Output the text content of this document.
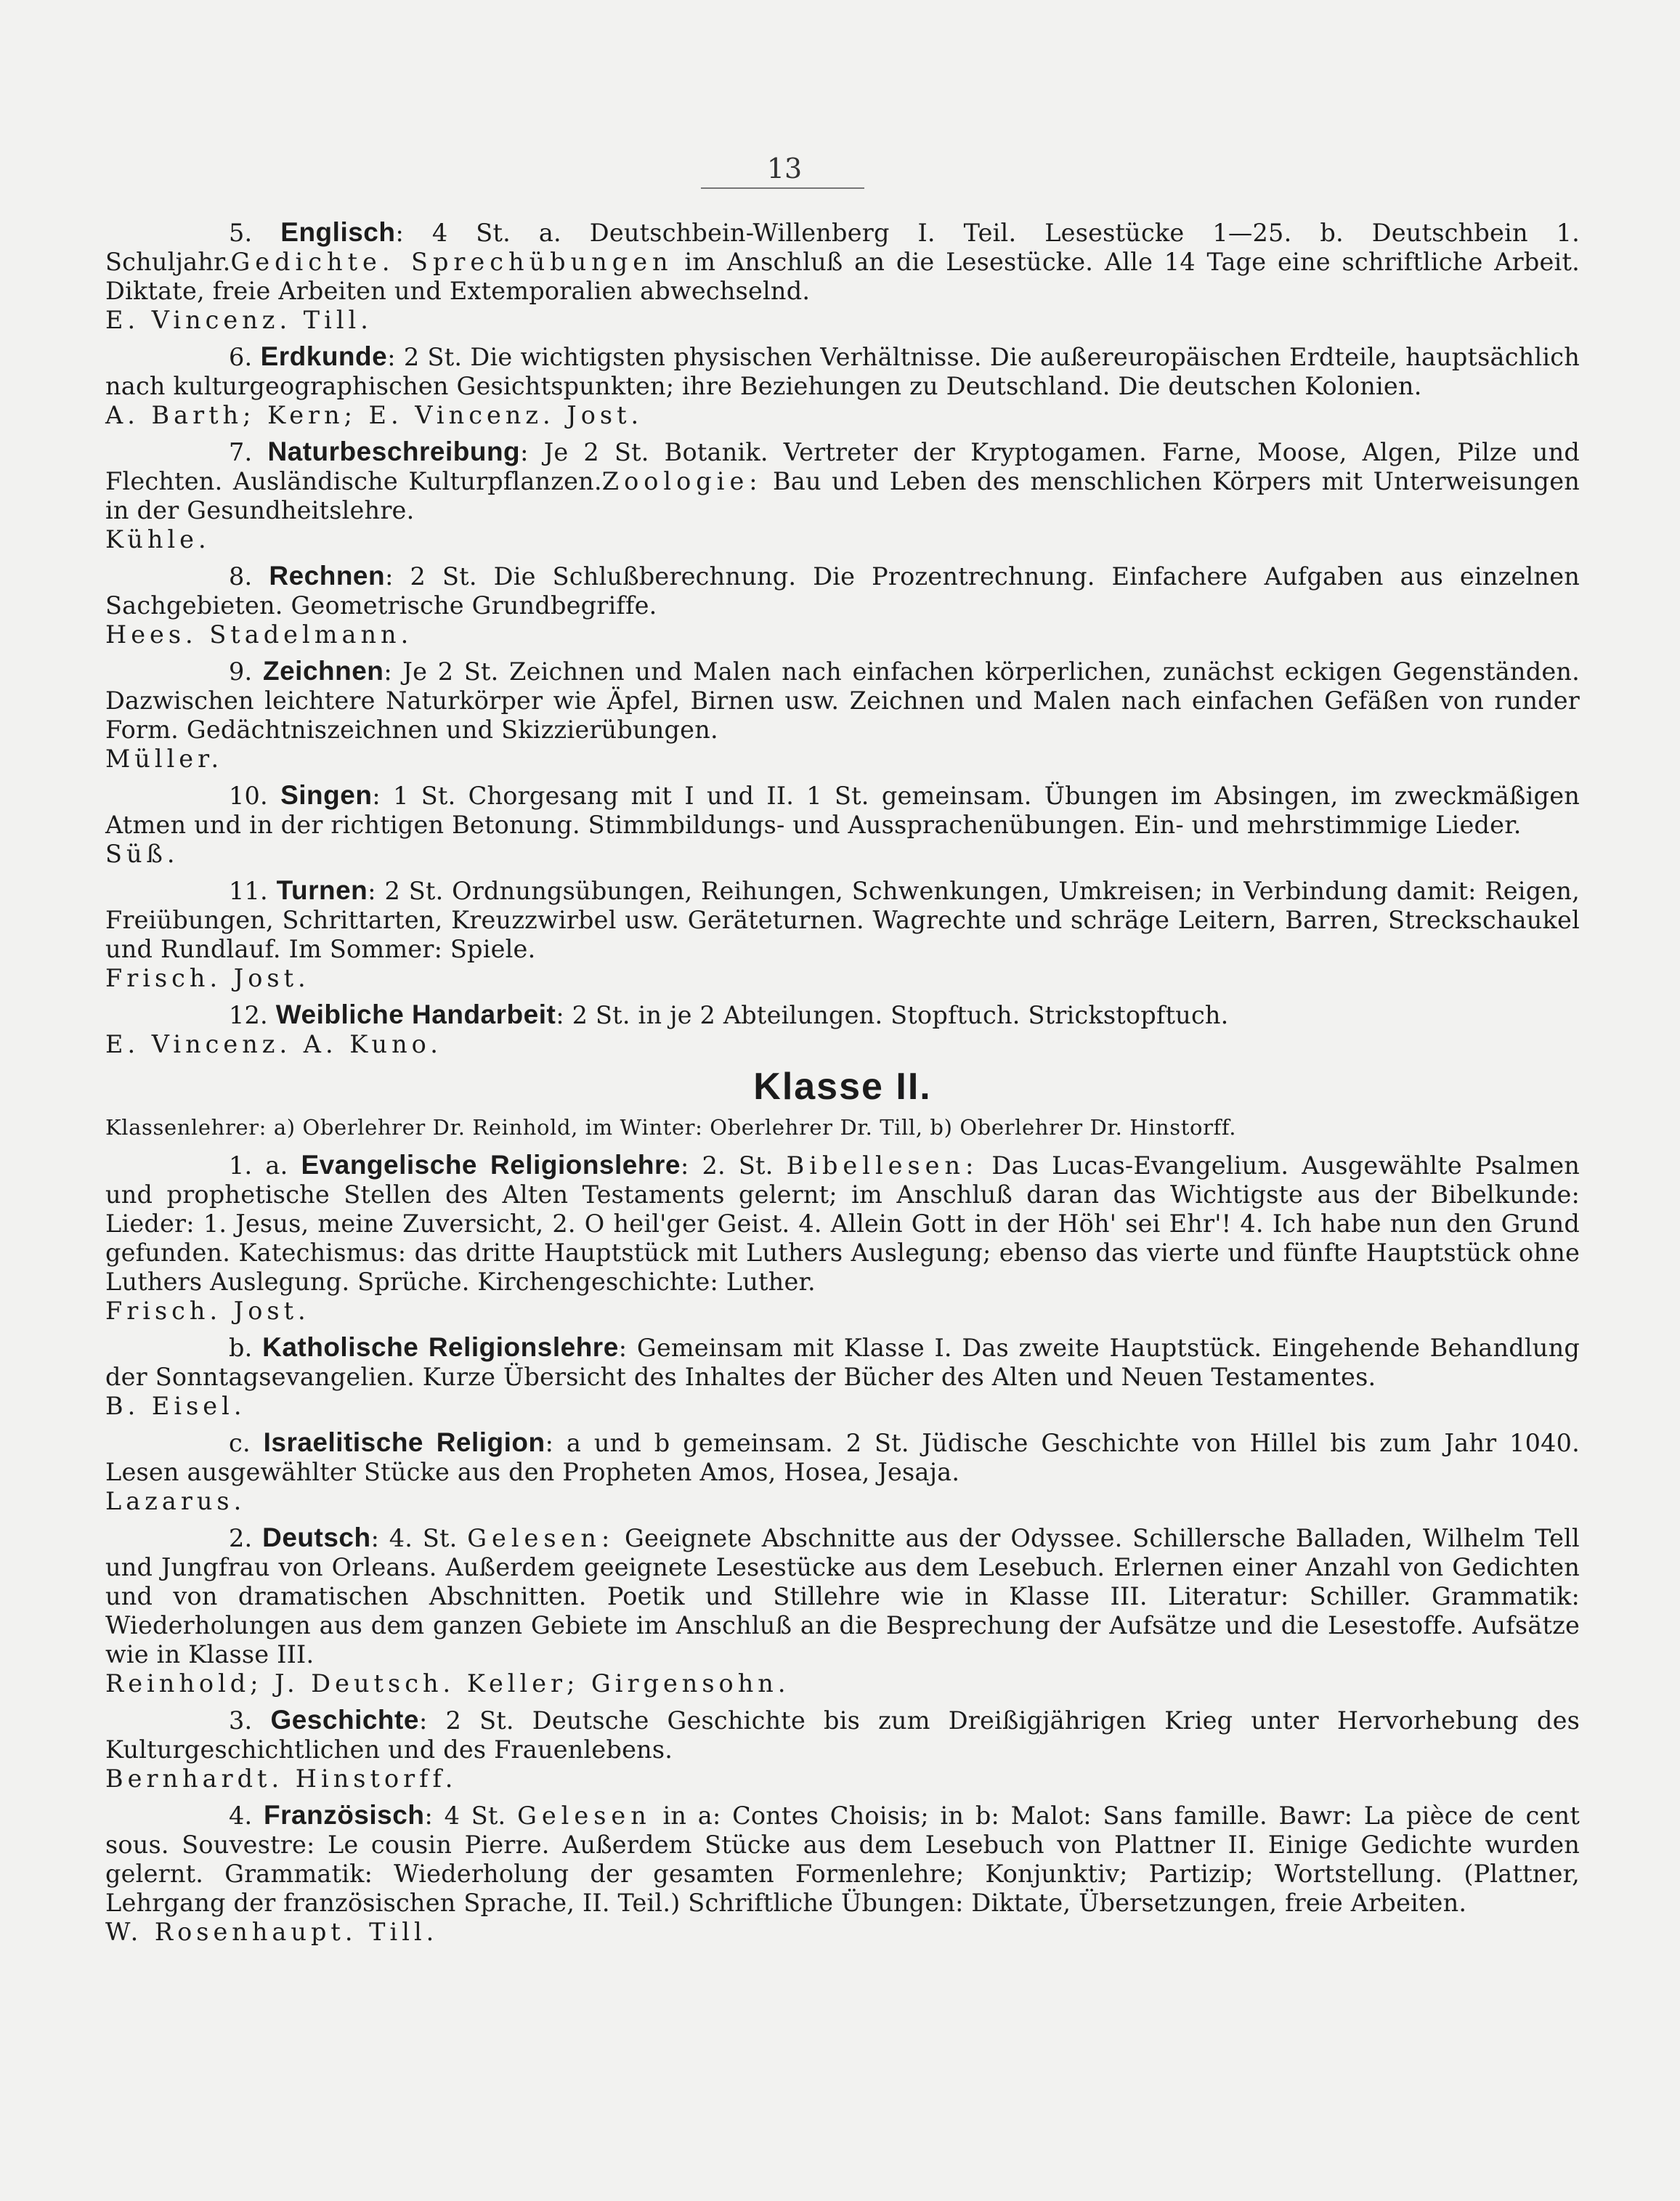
13

5. Englisch: 4 St. a. Deutschbein-Willenberg I. Teil. Lesestücke 1—25. b. Deutschbein 1. Schuljahr.Gedichte. Sprechübungen im Anschluß an die Lesestücke. Alle 14 Tage eine schriftliche Arbeit. Diktate, freie Arbeiten und Extemporalien abwechselnd.

E. Vincenz. Till.

6. Erdkunde: 2 St. Die wichtigsten physischen Verhältnisse. Die außereuropäischen Erdteile, hauptsächlich nach kulturgeographischen Gesichtspunkten; ihre Beziehungen zu Deutschland. Die deutschen Kolonien.

A. Barth; Kern; E. Vincenz. Jost.

7. Naturbeschreibung: Je 2 St. Botanik. Vertreter der Kryptogamen. Farne, Moose, Algen, Pilze und Flechten. Ausländische Kulturpflanzen.Zoologie: Bau und Leben des menschlichen Körpers mit Unterweisungen in der Gesundheitslehre.

Kühle.

8. Rechnen: 2 St. Die Schlußberechnung. Die Prozentrechnung. Einfachere Aufgaben aus einzelnen Sachgebieten. Geometrische Grundbegriffe.

Hees. Stadelmann.

9. Zeichnen: Je 2 St. Zeichnen und Malen nach einfachen körperlichen, zunächst eckigen Gegenständen. Dazwischen leichtere Naturkörper wie Äpfel, Birnen usw. Zeichnen und Malen nach einfachen Gefäßen von runder Form. Gedächtniszeichnen und Skizzierübungen.

Müller.

10. Singen: 1 St. Chorgesang mit I und II. 1 St. gemeinsam. Übungen im Absingen, im zweckmäßigen Atmen und in der richtigen Betonung. Stimmbildungs- und Aussprachenübungen. Ein- und mehrstimmige Lieder.

Süß.

11. Turnen: 2 St. Ordnungsübungen, Reihungen, Schwenkungen, Umkreisen; in Verbindung damit: Reigen, Freiübungen, Schrittarten, Kreuzzwirbel usw. Geräteturnen. Wagrechte und schräge Leitern, Barren, Streckschaukel und Rundlauf. Im Sommer: Spiele.

Frisch. Jost.

12. Weibliche Handarbeit: 2 St. in je 2 Abteilungen. Stopftuch. Strickstopftuch.

E. Vincenz. A. Kuno.

Klasse II.

Klassenlehrer: a) Oberlehrer Dr. Reinhold, im Winter: Oberlehrer Dr. Till, b) Oberlehrer Dr. Hinstorff.

1. a. Evangelische Religionslehre: 2. St. Bibellesen: Das Lucas-Evangelium. Ausgewählte Psalmen und prophetische Stellen des Alten Testaments gelernt; im Anschluß daran das Wichtigste aus der Bibelkunde: Lieder: 1. Jesus, meine Zuversicht, 2. O heil'ger Geist. 4. Allein Gott in der Höh' sei Ehr'! 4. Ich habe nun den Grund gefunden. Katechismus: das dritte Hauptstück mit Luthers Auslegung; ebenso das vierte und fünfte Hauptstück ohne Luthers Auslegung. Sprüche. Kirchengeschichte: Luther.

Frisch. Jost.

b. Katholische Religionslehre: Gemeinsam mit Klasse I. Das zweite Hauptstück. Eingehende Behandlung der Sonntagsevangelien. Kurze Übersicht des Inhaltes der Bücher des Alten und Neuen Testamentes.

B. Eisel.

c. Israelitische Religion: a und b gemeinsam. 2 St. Jüdische Geschichte von Hillel bis zum Jahr 1040. Lesen ausgewählter Stücke aus den Propheten Amos, Hosea, Jesaja.

Lazarus.

2. Deutsch: 4. St. Gelesen: Geeignete Abschnitte aus der Odyssee. Schillersche Balladen, Wilhelm Tell und Jungfrau von Orleans. Außerdem geeignete Lesestücke aus dem Lesebuch. Erlernen einer Anzahl von Gedichten und von dramatischen Abschnitten. Poetik und Stillehre wie in Klasse III. Literatur: Schiller. Grammatik: Wiederholungen aus dem ganzen Gebiete im Anschluß an die Besprechung der Aufsätze und die Lesestoffe. Aufsätze wie in Klasse III.

Reinhold; J. Deutsch. Keller; Girgensohn.

3. Geschichte: 2 St. Deutsche Geschichte bis zum Dreißigjährigen Krieg unter Hervorhebung des Kulturgeschichtlichen und des Frauenlebens.

Bernhardt. Hinstorff.

4. Französisch: 4 St. Gelesen in a: Contes Choisis; in b: Malot: Sans famille. Bawr: La pièce de cent sous. Souvestre: Le cousin Pierre. Außerdem Stücke aus dem Lesebuch von Plattner II. Einige Gedichte wurden gelernt. Grammatik: Wiederholung der gesamten Formenlehre; Konjunktiv; Partizip; Wortstellung. (Plattner, Lehrgang der französischen Sprache, II. Teil.) Schriftliche Übungen: Diktate, Übersetzungen, freie Arbeiten.

W. Rosenhaupt. Till.
